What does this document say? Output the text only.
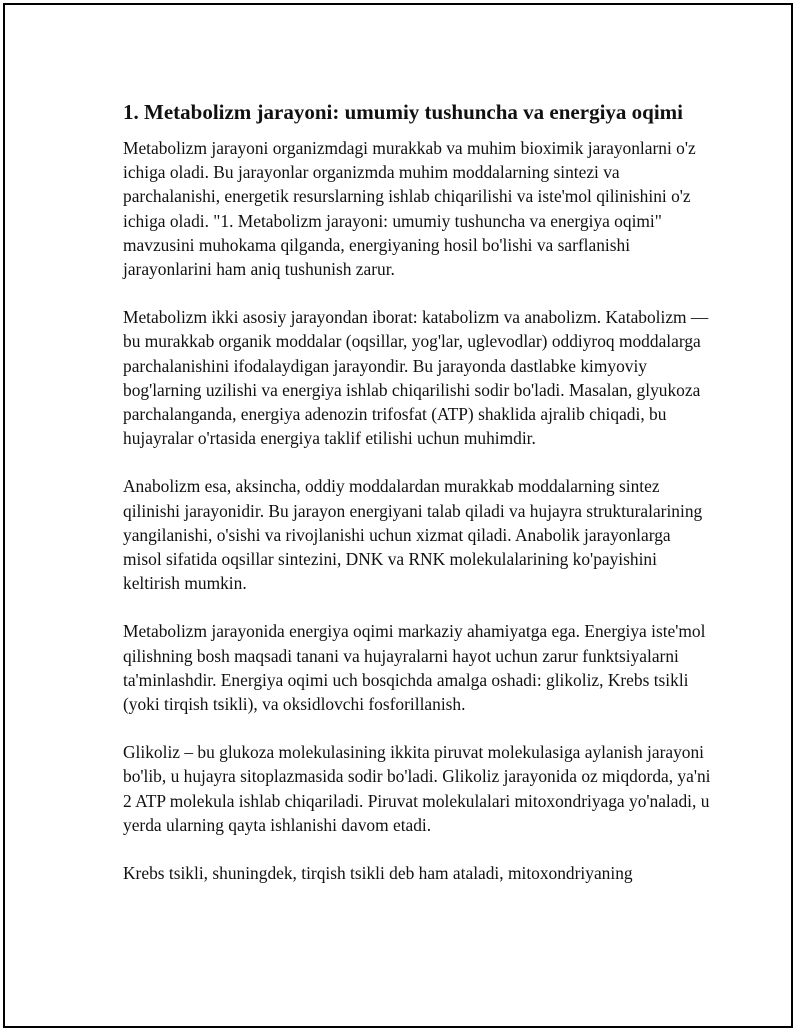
1. Metabolizm jarayoni: umumiy tushuncha va energiya oqimi

Metabolizm jarayoni organizmdagi murakkab va muhim bioximik jarayonlarni o'z ichiga oladi. Bu jarayonlar organizmda muhim moddalarning sintezi va parchalanishi, energetik resurslarning ishlab chiqarilishi va iste'mol qilinishini o'z ichiga oladi. "1. Metabolizm jarayoni: umumiy tushuncha va energiya oqimi" mavzusini muhokama qilganda, energiyaning hosil bo'lishi va sarflanishi jarayonlarini ham aniq tushunish zarur.

Metabolizm ikki asosiy jarayondan iborat: katabolizm va anabolizm. Katabolizm — bu murakkab organik moddalar (oqsillar, yog'lar, uglevodlar) oddiyroq moddalarga parchalanishini ifodalaydigan jarayondir. Bu jarayonda dastlabke kimyoviy bog'larning uzilishi va energiya ishlab chiqarilishi sodir bo'ladi. Masalan, glyukoza parchalanganda, energiya adenozin trifosfat (ATP) shaklida ajralib chiqadi, bu hujayralar o'rtasida energiya taklif etilishi uchun muhimdir.

Anabolizm esa, aksincha, oddiy moddalardan murakkab moddalarning sintez qilinishi jarayonidir. Bu jarayon energiyani talab qiladi va hujayra strukturalarining yangilanishi, o'sishi va rivojlanishi uchun xizmat qiladi. Anabolik jarayonlarga misol sifatida oqsillar sintezini, DNK va RNK molekulalarining ko'payishini keltirish mumkin.

Metabolizm jarayonida energiya oqimi markaziy ahamiyatga ega. Energiya iste'mol qilishning bosh maqsadi tanani va hujayralarni hayot uchun zarur funktsiyalarni ta'minlashdir. Energiya oqimi uch bosqichda amalga oshadi: glikoliz, Krebs tsikli (yoki tirqish tsikli), va oksidlovchi fosforillanish.

Glikoliz – bu glukoza molekulasining ikkita piruvat molekulasiga aylanish jarayoni bo'lib, u hujayra sitoplazmasida sodir bo'ladi. Glikoliz jarayonida oz miqdorda, ya'ni 2 ATP molekula ishlab chiqariladi. Piruvat molekulalari mitoxondriyaga yo'naladi, u yerda ularning qayta ishlanishi davom etadi.

Krebs tsikli, shuningdek, tirqish tsikli deb ham ataladi, mitoxondriyaning
